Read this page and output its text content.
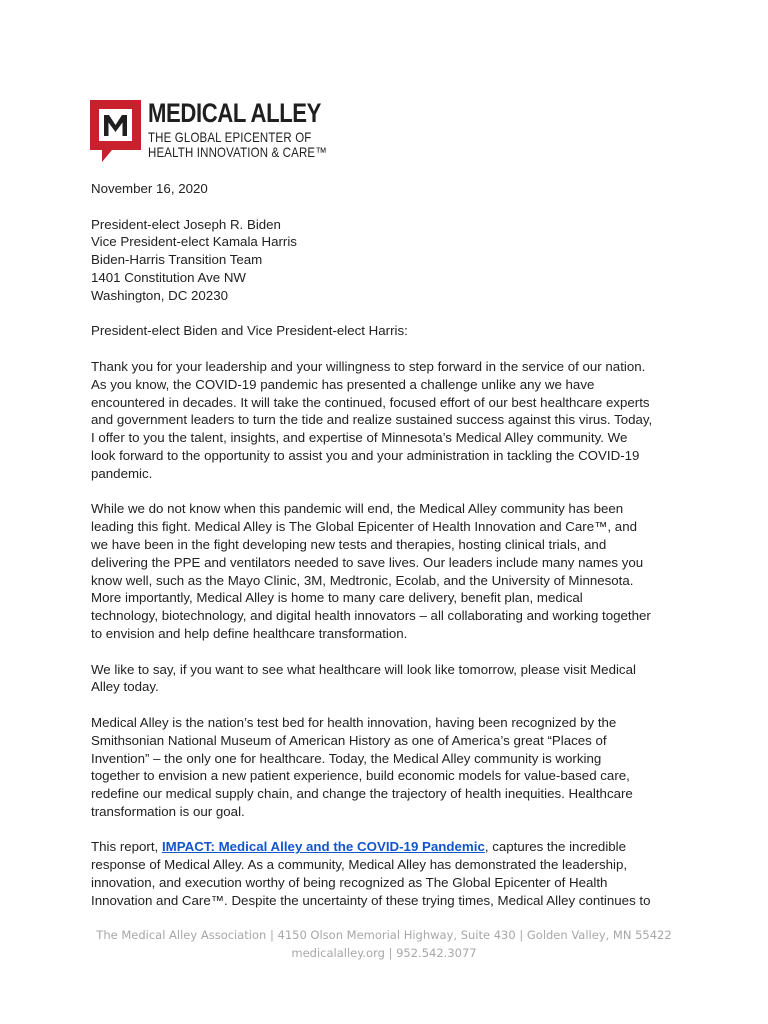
MEDICAL ALLEY
THE GLOBAL EPICENTER OF
HEALTH INNOVATION & CARE™
November 16, 2020
President-elect Joseph R. Biden
Vice President-elect Kamala Harris
Biden-Harris Transition Team
1401 Constitution Ave NW
Washington, DC 20230
President-elect Biden and Vice President-elect Harris:
Thank you for your leadership and your willingness to step forward in the service of our nation.
As you know, the COVID-19 pandemic has presented a challenge unlike any we have
encountered in decades. It will take the continued, focused effort of our best healthcare experts
and government leaders to turn the tide and realize sustained success against this virus. Today,
I offer to you the talent, insights, and expertise of Minnesota’s Medical Alley community. We
look forward to the opportunity to assist you and your administration in tackling the COVID-19
pandemic.
While we do not know when this pandemic will end, the Medical Alley community has been
leading this fight. Medical Alley is The Global Epicenter of Health Innovation and Care™, and
we have been in the fight developing new tests and therapies, hosting clinical trials, and
delivering the PPE and ventilators needed to save lives. Our leaders include many names you
know well, such as the Mayo Clinic, 3M, Medtronic, Ecolab, and the University of Minnesota.
More importantly, Medical Alley is home to many care delivery, benefit plan, medical
technology, biotechnology, and digital health innovators – all collaborating and working together
to envision and help define healthcare transformation.
We like to say, if you want to see what healthcare will look like tomorrow, please visit Medical
Alley today.
Medical Alley is the nation’s test bed for health innovation, having been recognized by the
Smithsonian National Museum of American History as one of America’s great “Places of
Invention” – the only one for healthcare. Today, the Medical Alley community is working
together to envision a new patient experience, build economic models for value-based care,
redefine our medical supply chain, and change the trajectory of health inequities. Healthcare
transformation is our goal.
This report, IMPACT: Medical Alley and the COVID-19 Pandemic, captures the incredible
response of Medical Alley. As a community, Medical Alley has demonstrated the leadership,
innovation, and execution worthy of being recognized as The Global Epicenter of Health
Innovation and Care™. Despite the uncertainty of these trying times, Medical Alley continues to
The Medical Alley Association | 4150 Olson Memorial Highway, Suite 430 | Golden Valley, MN 55422
medicalalley.org | 952.542.3077
